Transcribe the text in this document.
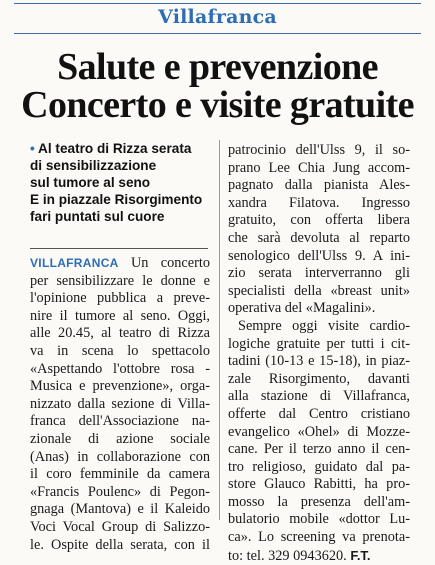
Villafranca
Salute e prevenzione
Concerto e visite gratuite
• Al teatro di Rizza serata
di sensibilizzazione
sul tumore al seno
E in piazzale Risorgimento
fari puntati sul cuore
VILLAFRANCA Un concerto
per sensibilizzare le donne e
l'opinione pubblica a preve-
nire il tumore al seno. Oggi,
alle 20.45, al teatro di Rizza
va in scena lo spettacolo
«Aspettando l'ottobre rosa -
Musica e prevenzione», orga-
nizzato dalla sezione di Villa-
franca dell'Associazione na-
zionale di azione sociale
(Anas) in collaborazione con
il coro femminile da camera
«Francis Poulenc» di Pegon-
gnaga (Mantova) e il Kaleido
Voci Vocal Group di Salizzo-
le. Ospite della serata, con il
patrocinio dell'Ulss 9, il so-
prano Lee Chia Jung accom-
pagnato dalla pianista Ales-
xandra Filatova. Ingresso
gratuito, con offerta libera
che sarà devoluta al reparto
senologico dell'Ulss 9. A ini-
zio serata interverranno gli
specialisti della «breast unit»
operativa del «Magalini».
Sempre oggi visite cardio-
logiche gratuite per tutti i cit-
tadini (10-13 e 15-18), in piaz-
zale Risorgimento, davanti
alla stazione di Villafranca,
offerte dal Centro cristiano
evangelico «Ohel» di Mozze-
cane. Per il terzo anno il cen-
tro religioso, guidato dal pa-
store Glauco Rabitti, ha pro-
mosso la presenza dell'am-
bulatorio mobile «dottor Lu-
ca». Lo screening va prenota-
to: tel. 329 0943620. F.T.
